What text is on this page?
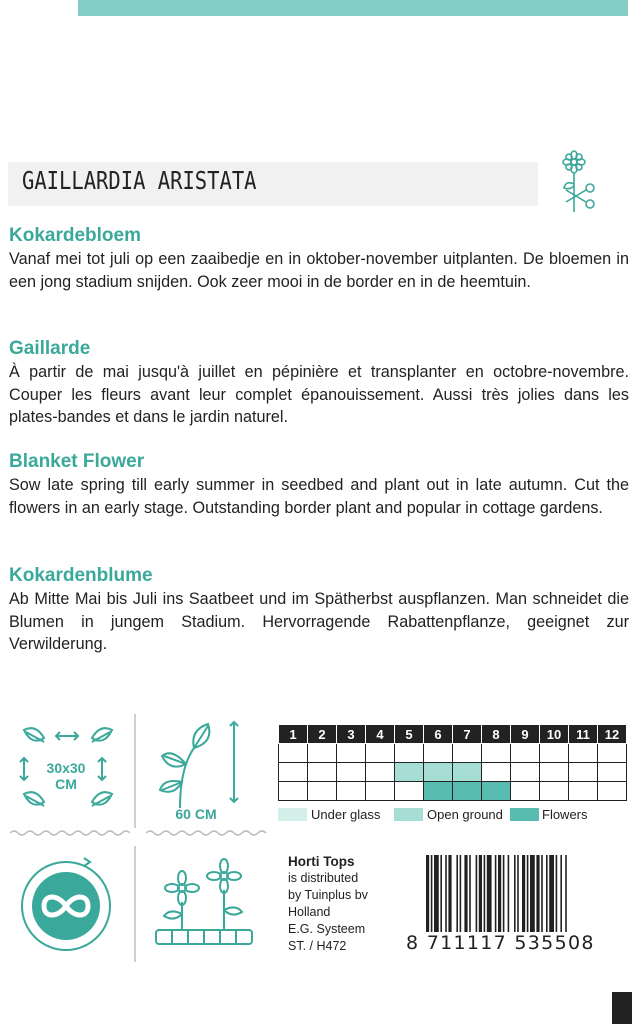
GAILLARDIA ARISTATA
Kokardebloem

Vanaf mei tot juli op een zaaibedje en in oktober-november uitplanten. De bloemen in een jong stadium snijden. Ook zeer mooi in de border en in de heemtuin.

Gaillarde

À partir de mai jusqu'à juillet en pépinière et transplanter en octobre-novembre. Couper les fleurs avant leur complet épanouissement. Aussi très jolies dans les plates-bandes et dans le jardin naturel.

Blanket Flower

Sow late spring till early summer in seedbed and plant out in late autumn. Cut the flowers in an early stage. Outstanding border plant and popular in cottage gardens.

Kokardenblume

Ab Mitte Mai bis Juli ins Saatbeet und im Spätherbst auspflanzen. Man schneidet die Blumen in jungem Stadium. Hervorragende Rabattenpflanze, geeignet zur Verwilderung.

30x30
CM
60 CM
1	2	3	4	5	6	7	8	9	10	11	12

Under glass	Open ground	Flowers
Horti Tops
is distributed
by Tuinplus bv
Holland
E.G. Systeem
ST. / H472	8 711117 535508
